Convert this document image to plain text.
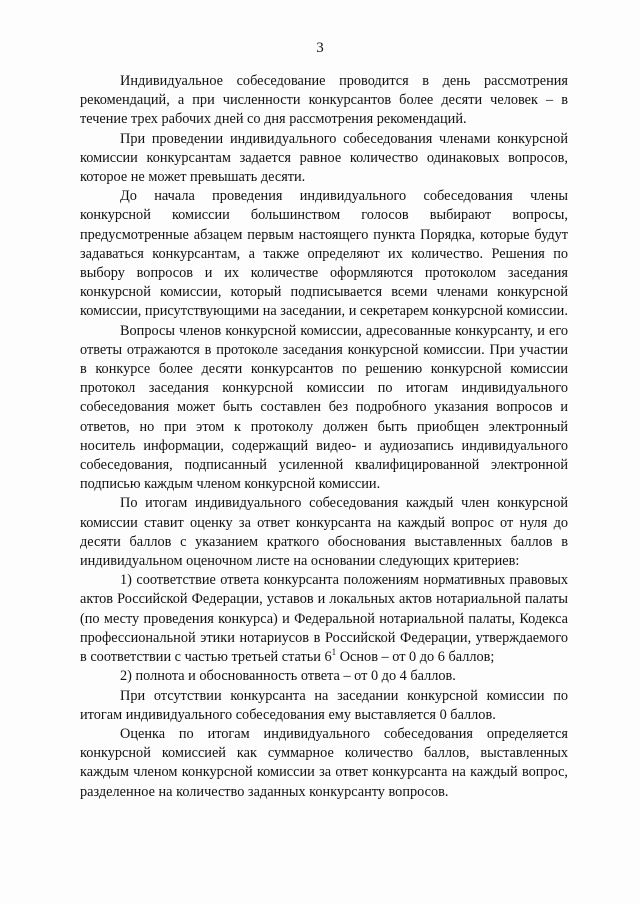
3

Индивидуальное собеседование проводится в день рассмотрения рекомендаций, а при численности конкурсантов более десяти человек – в течение трех рабочих дней со дня рассмотрения рекомендаций.

При проведении индивидуального собеседования членами конкурсной комиссии конкурсантам задается равное количество одинаковых вопросов, которое не может превышать десяти.

До начала проведения индивидуального собеседования члены конкурсной комиссии большинством голосов выбирают вопросы, предусмотренные абзацем первым настоящего пункта Порядка, которые будут задаваться конкурсантам, а также определяют их количество. Решения по выбору вопросов и их количестве оформляются протоколом заседания конкурсной комиссии, который подписывается всеми членами конкурсной комиссии, присутствующими на заседании, и секретарем конкурсной комиссии.

Вопросы членов конкурсной комиссии, адресованные конкурсанту, и его ответы отражаются в протоколе заседания конкурсной комиссии. При участии в конкурсе более десяти конкурсантов по решению конкурсной комиссии протокол заседания конкурсной комиссии по итогам индивидуального собеседования может быть составлен без подробного указания вопросов и ответов, но при этом к протоколу должен быть приобщен электронный носитель информации, содержащий видео- и аудиозапись индивидуального собеседования, подписанный усиленной квалифицированной электронной подписью каждым членом конкурсной комиссии.

По итогам индивидуального собеседования каждый член конкурсной комиссии ставит оценку за ответ конкурсанта на каждый вопрос от нуля до десяти баллов с указанием краткого обоснования выставленных баллов в индивидуальном оценочном листе на основании следующих критериев:

1) соответствие ответа конкурсанта положениям нормативных правовых актов Российской Федерации, уставов и локальных актов нотариальной палаты (по месту проведения конкурса) и Федеральной нотариальной палаты, Кодекса профессиональной этики нотариусов в Российской Федерации, утверждаемого в соответствии с частью третьей статьи $6^1$ Основ – от 0 до 6 баллов;

2) полнота и обоснованность ответа – от 0 до 4 баллов.

При отсутствии конкурсанта на заседании конкурсной комиссии по итогам индивидуального собеседования ему выставляется 0 баллов.

Оценка по итогам индивидуального собеседования определяется конкурсной комиссией как суммарное количество баллов, выставленных каждым членом конкурсной комиссии за ответ конкурсанта на каждый вопрос, разделенное на количество заданных конкурсанту вопросов.
